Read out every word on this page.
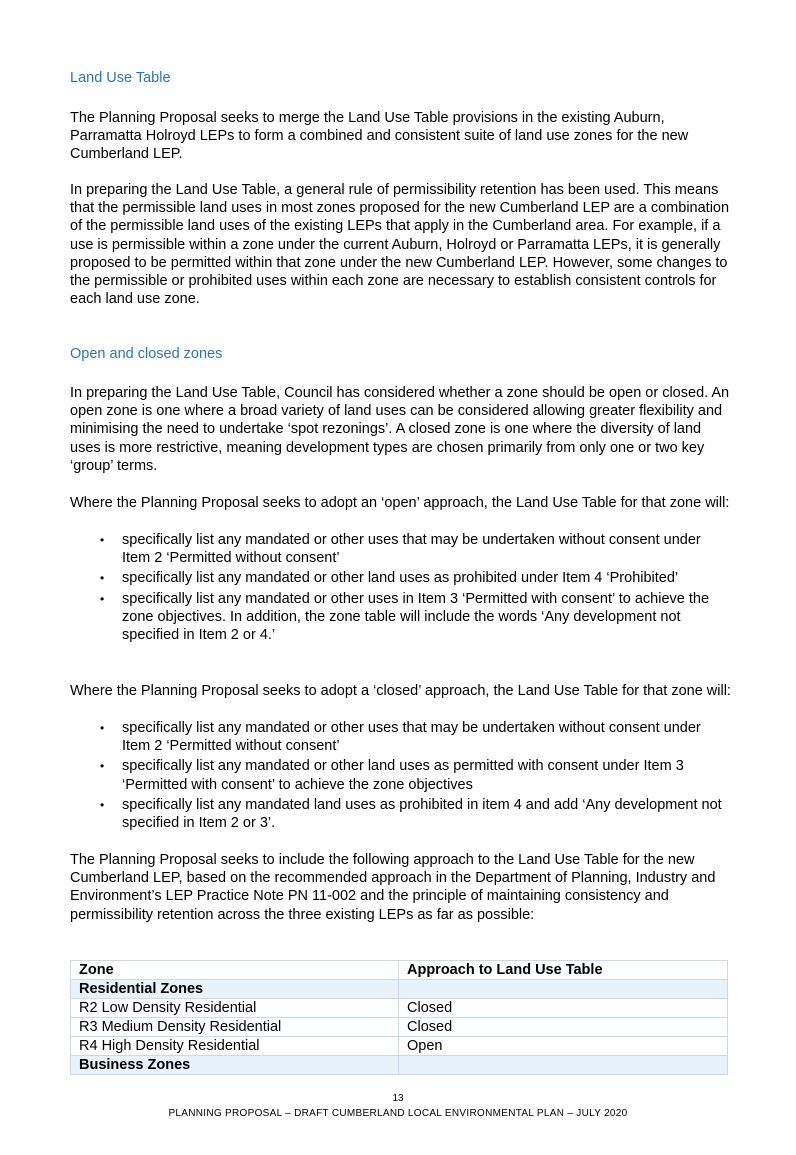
Land Use Table

The Planning Proposal seeks to merge the Land Use Table provisions in the existing Auburn, Parramatta Holroyd LEPs to form a combined and consistent suite of land use zones for the new Cumberland LEP.

In preparing the Land Use Table, a general rule of permissibility retention has been used. This means that the permissible land uses in most zones proposed for the new Cumberland LEP are a combination of the permissible land uses of the existing LEPs that apply in the Cumberland area. For example, if a use is permissible within a zone under the current Auburn, Holroyd or Parramatta LEPs, it is generally proposed to be permitted within that zone under the new Cumberland LEP. However, some changes to the permissible or prohibited uses within each zone are necessary to establish consistent controls for each land use zone.

Open and closed zones

In preparing the Land Use Table, Council has considered whether a zone should be open or closed. An open zone is one where a broad variety of land uses can be considered allowing greater flexibility and minimising the need to undertake ‘spot rezonings’. A closed zone is one where the diversity of land uses is more restrictive, meaning development types are chosen primarily from only one or two key ‘group’ terms.

Where the Planning Proposal seeks to adopt an ‘open’ approach, the Land Use Table for that zone will:

• specifically list any mandated or other uses that may be undertaken without consent under Item 2 ‘Permitted without consent’
• specifically list any mandated or other land uses as prohibited under Item 4 ‘Prohibited’
• specifically list any mandated or other uses in Item 3 ‘Permitted with consent’ to achieve the zone objectives. In addition, the zone table will include the words ‘Any development not specified in Item 2 or 4.’

Where the Planning Proposal seeks to adopt a ‘closed’ approach, the Land Use Table for that zone will:

• specifically list any mandated or other uses that may be undertaken without consent under Item 2 ‘Permitted without consent’
• specifically list any mandated or other land uses as permitted with consent under Item 3 ‘Permitted with consent’ to achieve the zone objectives
• specifically list any mandated land uses as prohibited in item 4 and add ‘Any development not specified in Item 2 or 3’.

The Planning Proposal seeks to include the following approach to the Land Use Table for the new Cumberland LEP, based on the recommended approach in the Department of Planning, Industry and Environment’s LEP Practice Note PN 11-002 and the principle of maintaining consistency and permissibility retention across the three existing LEPs as far as possible:

Zone	Approach to Land Use Table
Residential Zones	
R2 Low Density Residential	Closed
R3 Medium Density Residential	Closed
R4 High Density Residential	Open
Business Zones	
13
PLANNING PROPOSAL – DRAFT CUMBERLAND LOCAL ENVIRONMENTAL PLAN – JULY 2020
